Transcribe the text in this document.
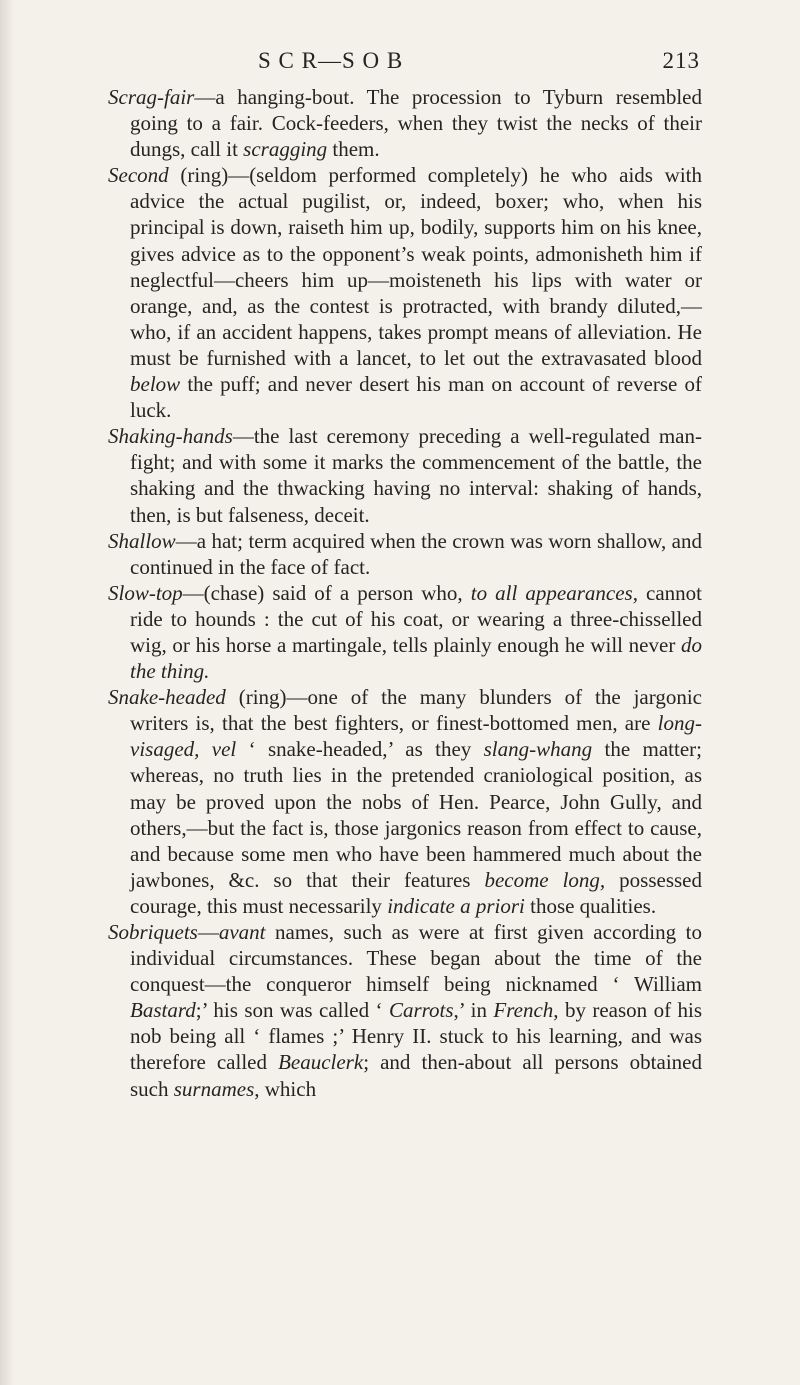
S C R—S O B	213

Scrag-fair—a hanging-bout. The procession to Tyburn resembled going to a fair. Cock-feeders, when they twist the necks of their dungs, call it scragging them.

Second (ring)—(seldom performed completely) he who aids with advice the actual pugilist, or, indeed, boxer; who, when his principal is down, raiseth him up, bodily, supports him on his knee, gives advice as to the opponent’s weak points, admonisheth him if neglectful—cheers him up—moisteneth his lips with water or orange, and, as the contest is protracted, with brandy diluted,—who, if an accident happens, takes prompt means of alleviation. He must be furnished with a lancet, to let out the extravasated blood below the puff; and never desert his man on account of reverse of luck.

Shaking-hands—the last ceremony preceding a well-regulated man-fight; and with some it marks the commencement of the battle, the shaking and the thwacking having no interval: shaking of hands, then, is but falseness, deceit.

Shallow—a hat; term acquired when the crown was worn shallow, and continued in the face of fact.

Slow-top—(chase) said of a person who, to all appearances, cannot ride to hounds : the cut of his coat, or wearing a three-chisselled wig, or his horse a martingale, tells plainly enough he will never do the thing.

Snake-headed (ring)—one of the many blunders of the jargonic writers is, that the best fighters, or finest-bottomed men, are long-visaged, vel ‘ snake-headed,’ as they slang-whang the matter; whereas, no truth lies in the pretended craniological position, as may be proved upon the nobs of Hen. Pearce, John Gully, and others,—but the fact is, those jargonics reason from effect to cause, and because some men who have been hammered much about the jawbones, &c. so that their features become long, possessed courage, this must necessarily indicate a priori those qualities.

Sobriquets—avant names, such as were at first given according to individual circumstances. These began about the time of the conquest—the conqueror himself being nicknamed ‘ William Bastard;’ his son was called ‘ Carrots,’ in French, by reason of his nob being all ‘ flames ;’ Henry II. stuck to his learning, and was therefore called Beauclerk; and then-about all persons obtained such surnames, which
